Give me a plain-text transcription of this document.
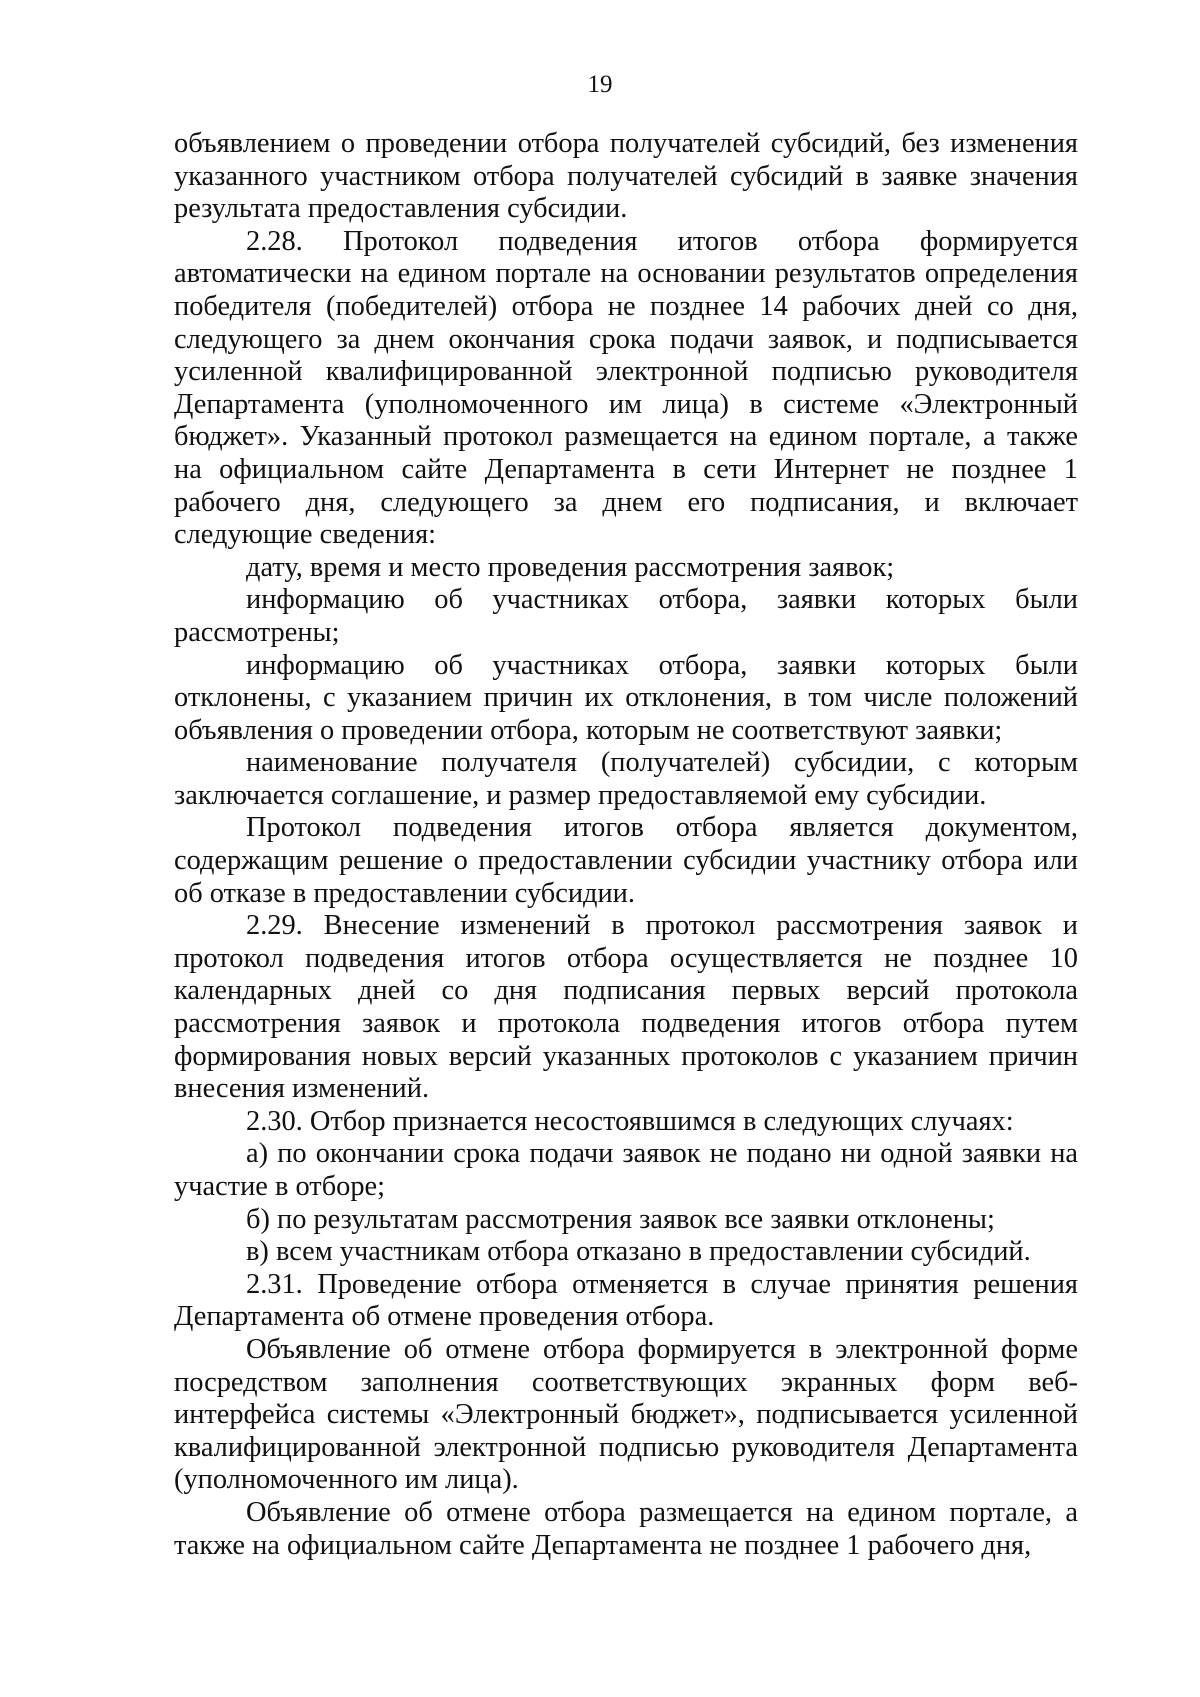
19

объявлением о проведении отбора получателей субсидий, без изменения указанного участником отбора получателей субсидий в заявке значения результата предоставления субсидии.

2.28. Протокол подведения итогов отбора формируется автоматически на едином портале на основании результатов определения победителя (победителей) отбора не позднее 14 рабочих дней со дня, следующего за днем окончания срока подачи заявок, и подписывается усиленной квалифицированной электронной подписью руководителя Департамента (уполномоченного им лица) в системе «Электронный бюджет». Указанный протокол размещается на едином портале, а также на официальном сайте Департамента в сети Интернет не позднее 1 рабочего дня, следующего за днем его подписания, и включает следующие сведения:

дату, время и место проведения рассмотрения заявок;

информацию об участниках отбора, заявки которых были рассмотрены;

информацию об участниках отбора, заявки которых были отклонены, с указанием причин их отклонения, в том числе положений объявления о проведении отбора, которым не соответствуют заявки;

наименование получателя (получателей) субсидии, с которым заключается соглашение, и размер предоставляемой ему субсидии.

Протокол подведения итогов отбора является документом, содержащим решение о предоставлении субсидии участнику отбора или об отказе в предоставлении субсидии.

2.29. Внесение изменений в протокол рассмотрения заявок и протокол подведения итогов отбора осуществляется не позднее 10 календарных дней со дня подписания первых версий протокола рассмотрения заявок и протокола подведения итогов отбора путем формирования новых версий указанных протоколов с указанием причин внесения изменений.

2.30. Отбор признается несостоявшимся в следующих случаях:

а) по окончании срока подачи заявок не подано ни одной заявки на участие в отборе;

б) по результатам рассмотрения заявок все заявки отклонены;

в) всем участникам отбора отказано в предоставлении субсидий.

2.31. Проведение отбора отменяется в случае принятия решения Департамента об отмене проведения отбора.

Объявление об отмене отбора формируется в электронной форме посредством заполнения соответствующих экранных форм веб-интерфейса системы «Электронный бюджет», подписывается усиленной квалифицированной электронной подписью руководителя Департамента (уполномоченного им лица).

Объявление об отмене отбора размещается на едином портале, а также на официальном сайте Департамента не позднее 1 рабочего дня,
